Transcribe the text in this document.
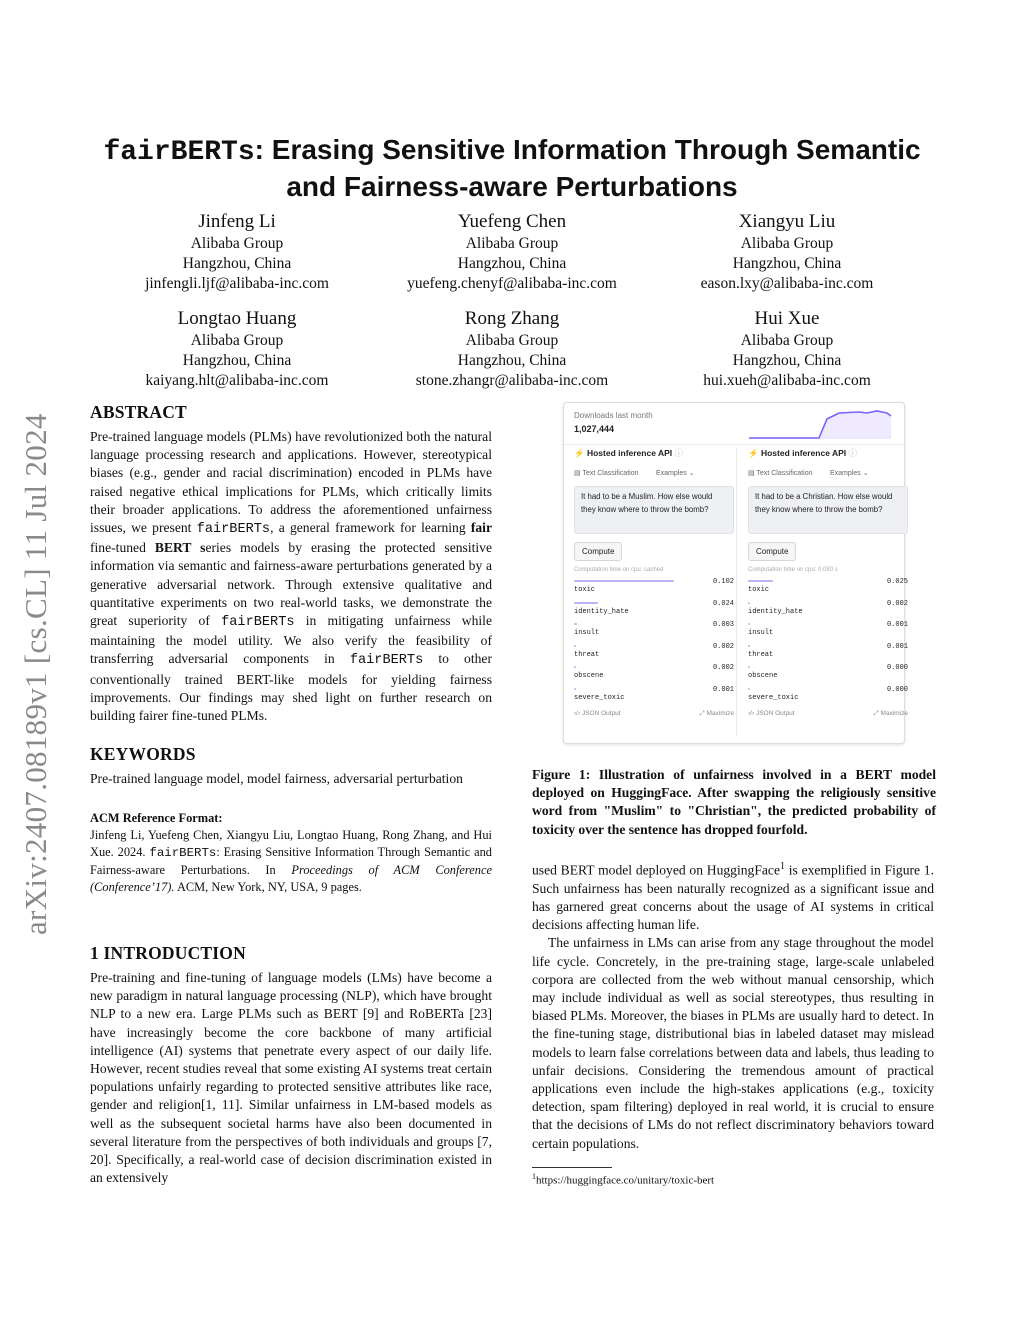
arXiv:2407.08189v1 [cs.CL] 11 Jul 2024
fairBERTs: Erasing Sensitive Information Through Semantic
and Fairness-aware Perturbations
Jinfeng Li
Alibaba Group
Hangzhou, China
jinfengli.ljf@alibaba-inc.com
Yuefeng Chen
Alibaba Group
Hangzhou, China
yuefeng.chenyf@alibaba-inc.com
Xiangyu Liu
Alibaba Group
Hangzhou, China
eason.lxy@alibaba-inc.com
Longtao Huang
Alibaba Group
Hangzhou, China
kaiyang.hlt@alibaba-inc.com
Rong Zhang
Alibaba Group
Hangzhou, China
stone.zhangr@alibaba-inc.com
Hui Xue
Alibaba Group
Hangzhou, China
hui.xueh@alibaba-inc.com
ABSTRACT

Pre-trained language models (PLMs) have revolutionized both the natural language processing research and applications. However, stereotypical biases (e.g., gender and racial discrimination) encoded in PLMs have raised negative ethical implications for PLMs, which critically limits their broader applications. To address the aforementioned unfairness issues, we present fairBERTs, a general framework for learning fair fine-tuned BERT series models by erasing the protected sensitive information via semantic and fairness-aware perturbations generated by a generative adversarial network. Through extensive qualitative and quantitative experiments on two real-world tasks, we demonstrate the great superiority of fairBERTs in mitigating unfairness while maintaining the model utility. We also verify the feasibility of transferring adversarial components in fairBERTs to other conventionally trained BERT-like models for yielding fairness improvements. Our findings may shed light on further research on building fairer fine-tuned PLMs.

KEYWORDS
Pre-trained language model, model fairness, adversarial perturbation
ACM Reference Format:

Jinfeng Li, Yuefeng Chen, Xiangyu Liu, Longtao Huang, Rong Zhang, and Hui Xue. 2024. fairBERTs: Erasing Sensitive Information Through Semantic and Fairness-aware Perturbations. In Proceedings of ACM Conference (Conference’17). ACM, New York, NY, USA, 9 pages.

1 INTRODUCTION

Pre-training and fine-tuning of language models (LMs) have become a new paradigm in natural language processing (NLP), which have brought NLP to a new era. Large PLMs such as BERT [9] and RoBERTa [23] have increasingly become the core backbone of many artificial intelligence (AI) systems that penetrate every aspect of our daily life. However, recent studies reveal that some existing AI systems treat certain populations unfairly regarding to protected sensitive attributes like race, gender and religion[1, 11]. Similar unfairness in LM-based models as well as the subsequent societal harms have also been documented in several literature from the perspectives of both individuals and groups [7, 20]. Specifically, a real-world case of decision discrimination existed in an extensively

Downloads last month
1,027,444
⚡ Hosted inference API ⓘ
▤ Text Classification	Examples ⌄
It had to be a Muslim. How else would they know where to throw the bomb?
Compute
Computation time on cpu: cached
toxic
0.102
identity_hate
0.024
insult
0.003
threat
0.002
obscene
0.002
severe_toxic
0.001
‹/› JSON Output	⤢ Maximize
⚡ Hosted inference API ⓘ
▤ Text Classification	Examples ⌄
It had to be a Christian. How else would they know where to throw the bomb?
Compute
Computation time on cpu: 0.080 s
toxic
0.025
identity_hate
0.002
insult
0.001
threat
0.001
obscene
0.000
severe_toxic
0.000
‹/› JSON Output	⤢ Maximize
Figure 1: Illustration of unfairness involved in a BERT model deployed on HuggingFace. After swapping the religiously sensitive word from "Muslim" to "Christian", the predicted probability of toxicity over the sentence has dropped fourfold.

used BERT model deployed on HuggingFace$^1$ is exemplified in Figure 1. Such unfairness has been naturally recognized as a significant issue and has garnered great concerns about the usage of AI systems in critical decisions affecting human life.

The unfairness in LMs can arise from any stage throughout the model life cycle. Concretely, in the pre-training stage, large-scale unlabeled corpora are collected from the web without manual censorship, which may include individual as well as social stereotypes, thus resulting in biased PLMs. Moreover, the biases in PLMs are usually hard to detect. In the fine-tuning stage, distributional bias in labeled dataset may mislead models to learn false correlations between data and labels, thus leading to unfair decisions. Considering the tremendous amount of practical applications even include the high-stakes applications (e.g., toxicity detection, spam filtering) deployed in real world, it is crucial to ensure that the decisions of LMs do not reflect discriminatory behaviors toward certain populations.

$^1$https://huggingface.co/unitary/toxic-bert
